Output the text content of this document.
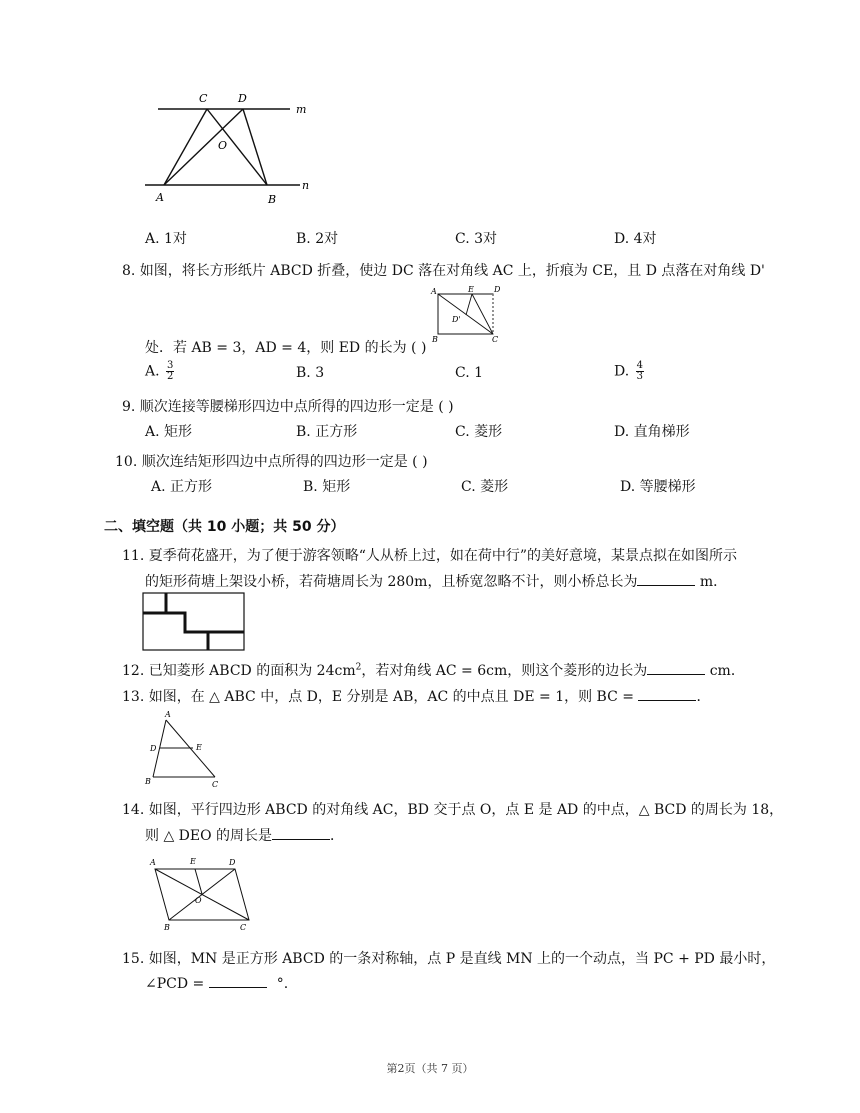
C	D
O
m
A	B
n
A. 1对	B. 2对	C. 3对	D. 4对
8. 如图，将长方形纸片 ABCD 折叠，使边 DC 落在对角线 AC 上，折痕为 CE，且 D 点落在对角线 D'
A	E	D
D'
B	C
处．若 AB = 3，AD = 4，则 ED 的长为 ( )
A. $\frac{3}{2}$	B. 3	C. 1	D. $\frac{4}{3}$
9. 顺次连接等腰梯形四边中点所得的四边形一定是 ( )
A. 矩形	B. 正方形	C. 菱形	D. 直角梯形
10. 顺次连结矩形四边中点所得的四边形一定是 ( )
A. 正方形	B. 矩形	C. 菱形	D. 等腰梯形
二、填空题（共 10 小题；共 50 分）
11. 夏季荷花盛开，为了便于游客领略“人从桥上过，如在荷中行”的美好意境，某景点拟在如图所示
的矩形荷塘上架设小桥，若荷塘周长为 280m，且桥宽忽略不计，则小桥总长为	m．
12. 已知菱形 ABCD 的面积为 $24cm^2$，若对角线 AC = 6cm，则这个菱形的边长为	cm．
13. 如图，在 △ ABC 中，点 D，E 分别是 AB，AC 的中点且 DE = 1，则 BC =	．
A
D	E
B	C
14. 如图，平行四边形 ABCD 的对角线 AC，BD 交于点 O，点 E 是 AD 的中点，△ BCD 的周长为 18，
则 △ DEO 的周长是	．
A	E	D
O
B	C
15. 如图，MN 是正方形 ABCD 的一条对称轴，点 P 是直线 MN 上的一个动点，当 PC + PD 最小时，
∠PCD =	°.
第2页（共 7 页）
